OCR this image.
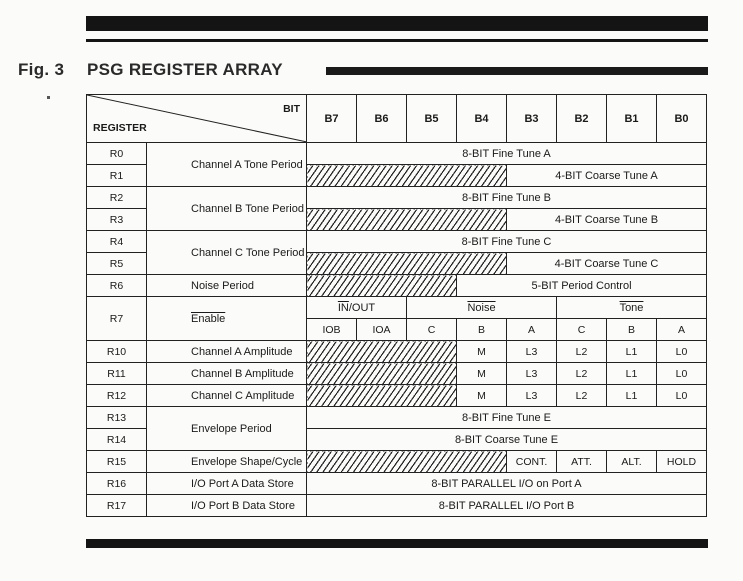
Fig. 3 PSG REGISTER ARRAY
BIT
REGISTER		B7	B6	B5	B4	B3	B2	B1	B0
R0	Channel A Tone Period	8-BIT Fine Tune A							
R1						4-BIT Coarse Tune A			
R2	Channel B Tone Period	8-BIT Fine Tune B							
R3						4-BIT Coarse Tune B			
R4	Channel C Tone Period	8-BIT Fine Tune C							
R5						4-BIT Coarse Tune C			
R6	Noise Period				5-BIT Period Control				
R7	Enable	$\overline{IN}$/OUT		Noise			Tone		
		IOB	IOA	C	B	A	C	B	A
R10	Channel A Amplitude				M	L3	L2	L1	L0
R11	Channel B Amplitude				M	L3	L2	L1	L0
R12	Channel C Amplitude				M	L3	L2	L1	L0
R13	Envelope Period	8-BIT Fine Tune E							
R14		8-BIT Coarse Tune E							
R15	Envelope Shape/Cycle					CONT.	ATT.	ALT.	HOLD
R16	I/O Port A Data Store	8-BIT PARALLEL I/O on Port A							
R17	I/O Port B Data Store	8-BIT PARALLEL I/O Port B							
